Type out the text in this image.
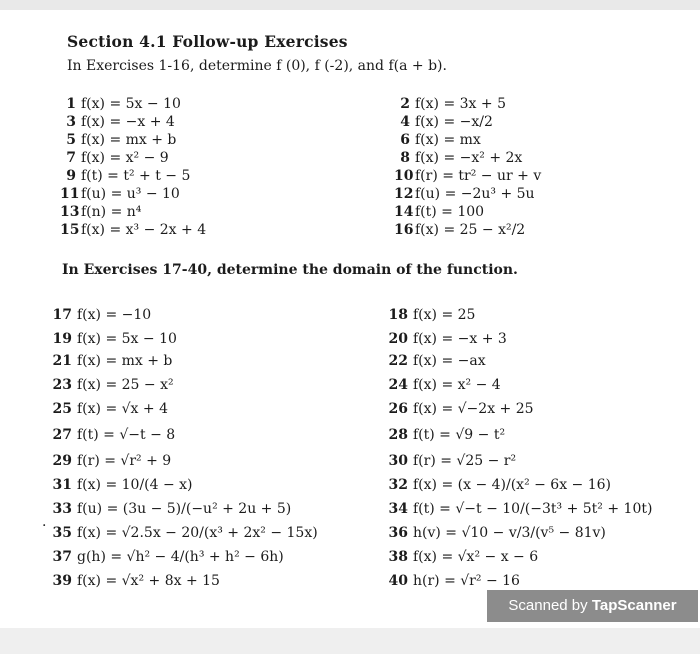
Section 4.1 Follow-up Exercises
In Exercises 1-16, determine f (0), f (-2), and f(a + b).
1 f(x) = 5x − 10	2 f(x) = 3x + 5
3 f(x) = −x + 4	4 f(x) = −x/2
5 f(x) = mx + b	6 f(x) = mx
7 f(x) = x² − 9	8 f(x) = −x² + 2x
9 f(t) = t² + t − 5	10 f(r) = tr² − ur + v
11 f(u) = u³ − 10	12 f(u) = −2u³ + 5u
13 f(n) = n⁴	14 f(t) = 100
15 f(x) = x³ − 2x + 4	16 f(x) = 25 − x²/2
In Exercises 17-40, determine the domain of the function.
17 f(x) = −10	18 f(x) = 25
19 f(x) = 5x − 10	20 f(x) = −x + 3
21 f(x) = mx + b	22 f(x) = −ax
23 f(x) = 25 − x²	24 f(x) = x² − 4
25 f(x) = √x + 4	26 f(x) = √−2x + 25
27 f(t) = √−t − 8	28 f(t) = √9 − t²
29 f(r) = √r² + 9	30 f(r) = √25 − r²
31 f(x) = 10/(4 − x)	32 f(x) = (x − 4)/(x² − 6x − 16)
33 f(u) = (3u − 5)/(−u² + 2u + 5)	34 f(t) = √−t − 10/(−3t³ + 5t² + 10t)
35 f(x) = √2.5x − 20/(x³ + 2x² − 15x)	36 h(v) = √10 − v/3/(v⁵ − 81v)
37 g(h) = √h² − 4/(h³ + h² − 6h)	38 f(x) = √x² − x − 6
39 f(x) = √x² + 8x + 15	40 h(r) = √r² − 16
·
Scanned by TapScanner
